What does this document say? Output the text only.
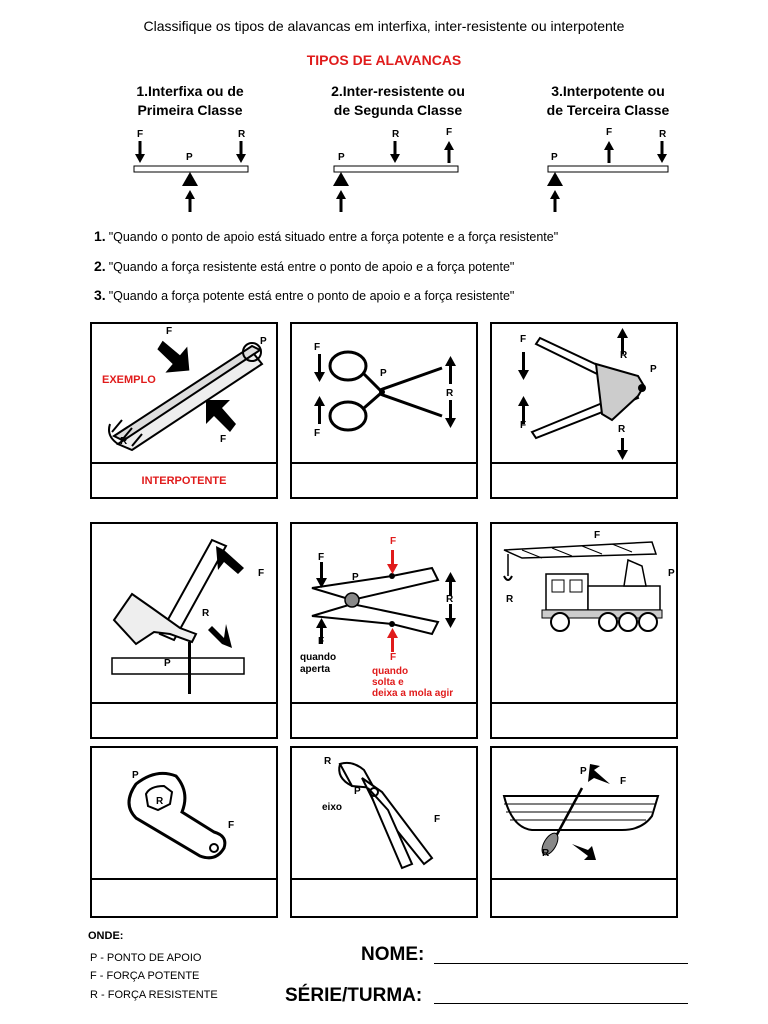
Classifique os tipos de alavancas em interfixa, inter-resistente ou interpotente
TIPOS DE ALAVANCAS
1.Interfixa ou de
Primeira Classe
2.Inter-resistente ou
de Segunda Classe
3.Interpotente ou
de Terceira Classe
F	R
P	P
R	F
P
F	R
1. "Quando o ponto de apoio está situado entre a força potente e a força resistente"
2. "Quando a força resistente está entre o ponto de apoio e a força potente"
3. "Quando a força potente está entre o ponto de apoio e a força resistente"
F
P
EXEMPLO
R	F
INTERPOTENTE
F
P
R
F
F
R
P
F	R
F
R
P
F
F
P
R
F
F
quando
aperta	quando
solta e
deixa a mola agir
F
P
R
P
R
F
R
P
eixo
F
P
F
R
ONDE:
P - PONTO DE APOIO
F - FORÇA POTENTE
R - FORÇA RESISTENTE
NOME:
SÉRIE/TURMA:
